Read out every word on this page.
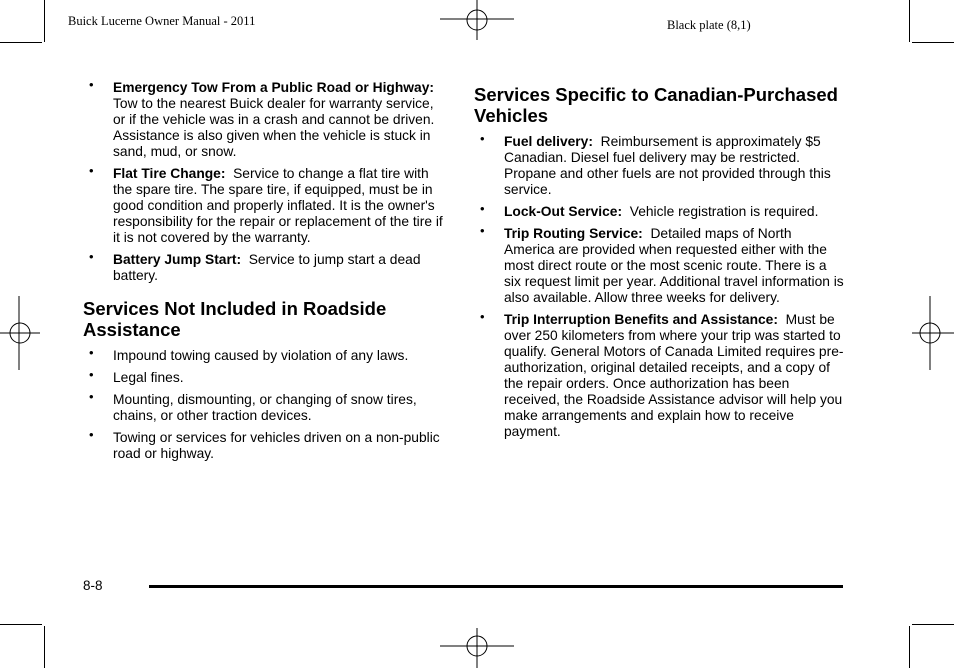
Buick Lucerne Owner Manual - 2011	Black plate (8,1)
• Emergency Tow From a Public Road or Highway:  Tow to the nearest Buick dealer for warranty service, or if the vehicle was in a crash and cannot be driven. Assistance is also given when the vehicle is stuck in sand, mud, or snow.
• Flat Tire Change: Service to change a flat tire with the spare tire. The spare tire, if equipped, must be in good condition and properly inflated. It is the owner's responsibility for the repair or replacement of the tire if it is not covered by the warranty.
• Battery Jump Start: Service to jump start a dead battery.
Services Not Included in Roadside Assistance
• Impound towing caused by violation of any laws.
• Legal fines.
• Mounting, dismounting, or changing of snow tires, chains, or other traction devices.
• Towing or services for vehicles driven on a non-public road or highway.
Services Specific to Canadian-Purchased Vehicles
• Fuel delivery: Reimbursement is approximately $5 Canadian. Diesel fuel delivery may be restricted. Propane and other fuels are not provided through this service.
• Lock-Out Service: Vehicle registration is required.
• Trip Routing Service: Detailed maps of North America are provided when requested either with the most direct route or the most scenic route. There is a six request limit per year. Additional travel information is also available. Allow three weeks for delivery.
• Trip Interruption Benefits and Assistance: Must be over 250 kilometers from where your trip was started to qualify. General Motors of Canada Limited requires pre-authorization, original detailed receipts, and a copy of the repair orders. Once authorization has been received, the Roadside Assistance advisor will help you make arrangements and explain how to receive payment.
8-8
